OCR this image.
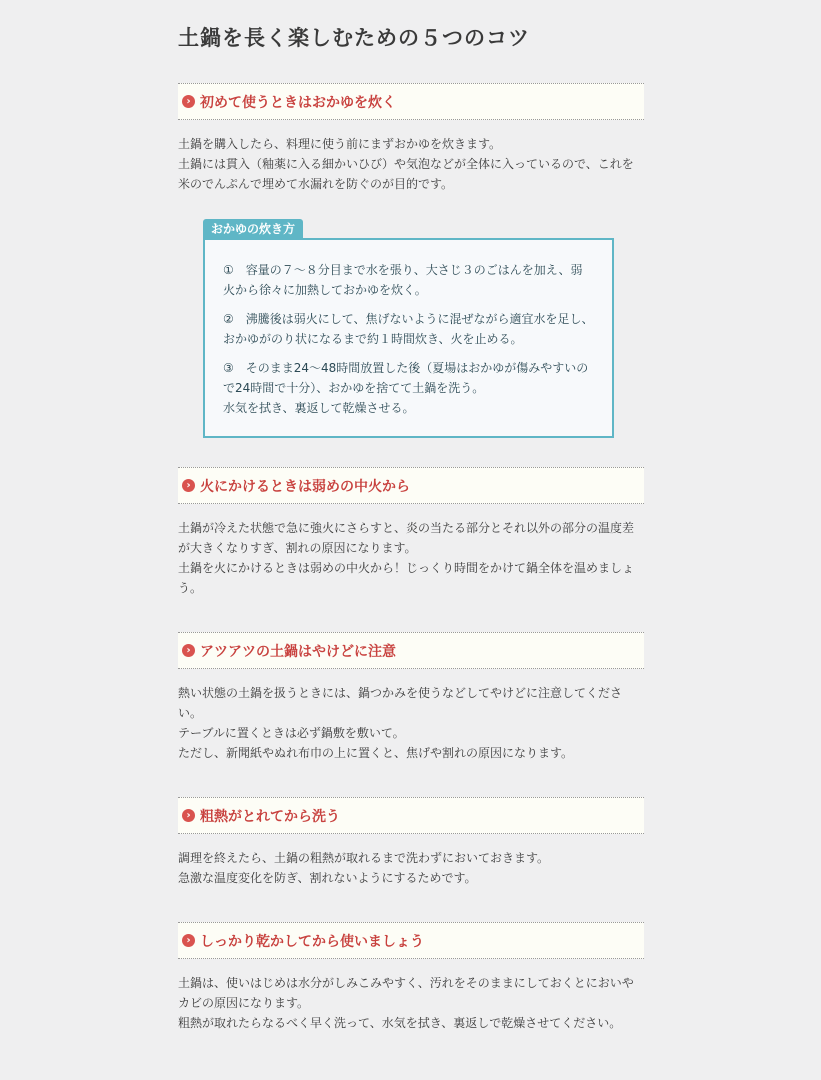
土鍋を長く楽しむための５つのコツ
› 初めて使うときはおかゆを炊く

土鍋を購入したら、料理に使う前にまずおかゆを炊きます。

土鍋には貫入（釉薬に入る細かいひび）や気泡などが全体に入っているので、これを米のでんぷんで埋めて水漏れを防ぐのが目的です。

おかゆの炊き方

①　容量の７～８分目まで水を張り、大さじ３のごはんを加え、弱火から徐々に加熱しておかゆを炊く。

②　沸騰後は弱火にして、焦げないように混ぜながら適宜水を足し、おかゆがのり状になるまで約１時間炊き、火を止める。

③　そのまま24～48時間放置した後（夏場はおかゆが傷みやすいので24時間で十分）、おかゆを捨てて土鍋を洗う。

水気を拭き、裏返して乾燥させる。

› 火にかけるときは弱めの中火から

土鍋が冷えた状態で急に強火にさらすと、炎の当たる部分とそれ以外の部分の温度差が大きくなりすぎ、割れの原因になります。

土鍋を火にかけるときは弱めの中火から！じっくり時間をかけて鍋全体を温めましょう。

› アツアツの土鍋はやけどに注意

熱い状態の土鍋を扱うときには、鍋つかみを使うなどしてやけどに注意してください。

テーブルに置くときは必ず鍋敷を敷いて。

ただし、新聞紙やぬれ布巾の上に置くと、焦げや割れの原因になります。

› 粗熱がとれてから洗う

調理を終えたら、土鍋の粗熱が取れるまで洗わずにおいておきます。

急激な温度変化を防ぎ、割れないようにするためです。

› しっかり乾かしてから使いましょう

土鍋は、使いはじめは水分がしみこみやすく、汚れをそのままにしておくとにおいやカビの原因になります。

粗熱が取れたらなるべく早く洗って、水気を拭き、裏返しで乾燥させてください。
